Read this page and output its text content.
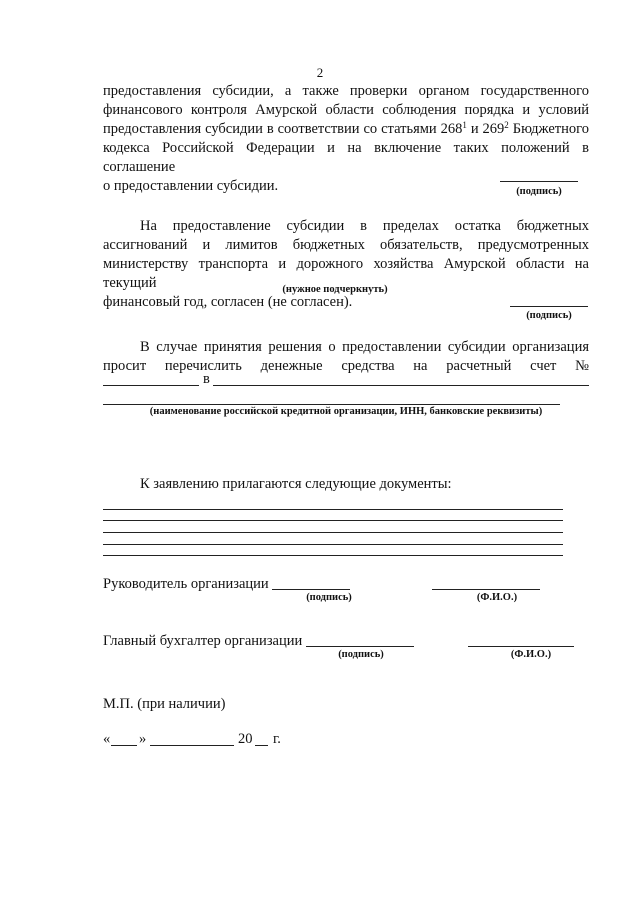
2
предоставления субсидии, а также проверки органом государственного
финансового контроля Амурской области соблюдения порядка и условий
предоставления субсидии в соответствии со статьями $268^1$ и $269^2$ Бюджетного
кодекса Российской Федерации и на включение таких положений в соглашение
о предоставлении субсидии.	(подпись)
На предоставление субсидии в пределах остатка бюджетных
ассигнований и лимитов бюджетных обязательств, предусмотренных
министерству транспорта и дорожного хозяйства Амурской области на текущий
финансовый год, согласен (не согласен).
(нужное подчеркнуть)
(подпись)
В случае принятия решения о предоставлении субсидии организация
просит перечислить денежные средства на расчетный счет №
в
(наименование российской кредитной организации, ИНН, банковские реквизиты)
К заявлению прилагаются следующие документы:
Руководитель организации
(подпись)	(Ф.И.О.)
Главный бухгалтер организации
(подпись)	(Ф.И.О.)
М.П. (при наличии)
« »	20 г.
